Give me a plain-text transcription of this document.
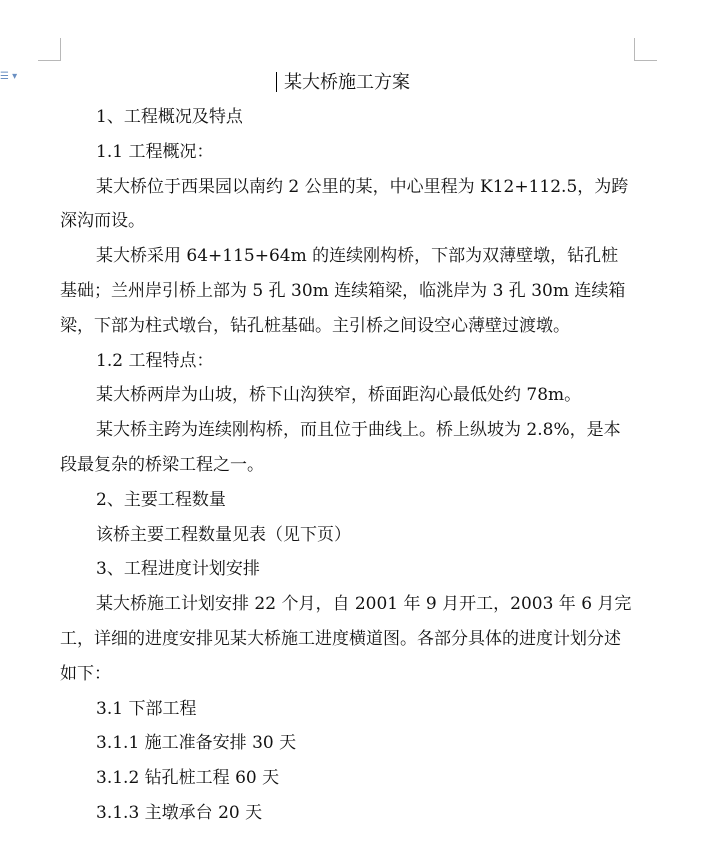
☰ ▾	某大桥施工方案
1、工程概况及特点
1.1 工程概况：
某大桥位于西果园以南约 2 公里的某，中心里程为 K12+112.5，为跨深沟而设。
某大桥采用 64+115+64m 的连续刚构桥，下部为双薄壁墩，钻孔桩基础；兰州岸引桥上部为 5 孔 30m 连续箱梁，临洮岸为 3 孔 30m 连续箱梁，下部为柱式墩台，钻孔桩基础。主引桥之间设空心薄壁过渡墩。
1.2 工程特点：
某大桥两岸为山坡，桥下山沟狭窄，桥面距沟心最低处约 78m。
某大桥主跨为连续刚构桥，而且位于曲线上。桥上纵坡为 2.8%，是本段最复杂的桥梁工程之一。
2、主要工程数量
该桥主要工程数量见表（见下页）
3、工程进度计划安排
某大桥施工计划安排 22 个月，自 2001 年 9 月开工，2003 年 6 月完工，详细的进度安排见某大桥施工进度横道图。各部分具体的进度计划分述如下：
3.1 下部工程
3.1.1 施工准备安排 30 天
3.1.2 钻孔桩工程 60 天
3.1.3 主墩承台 20 天
